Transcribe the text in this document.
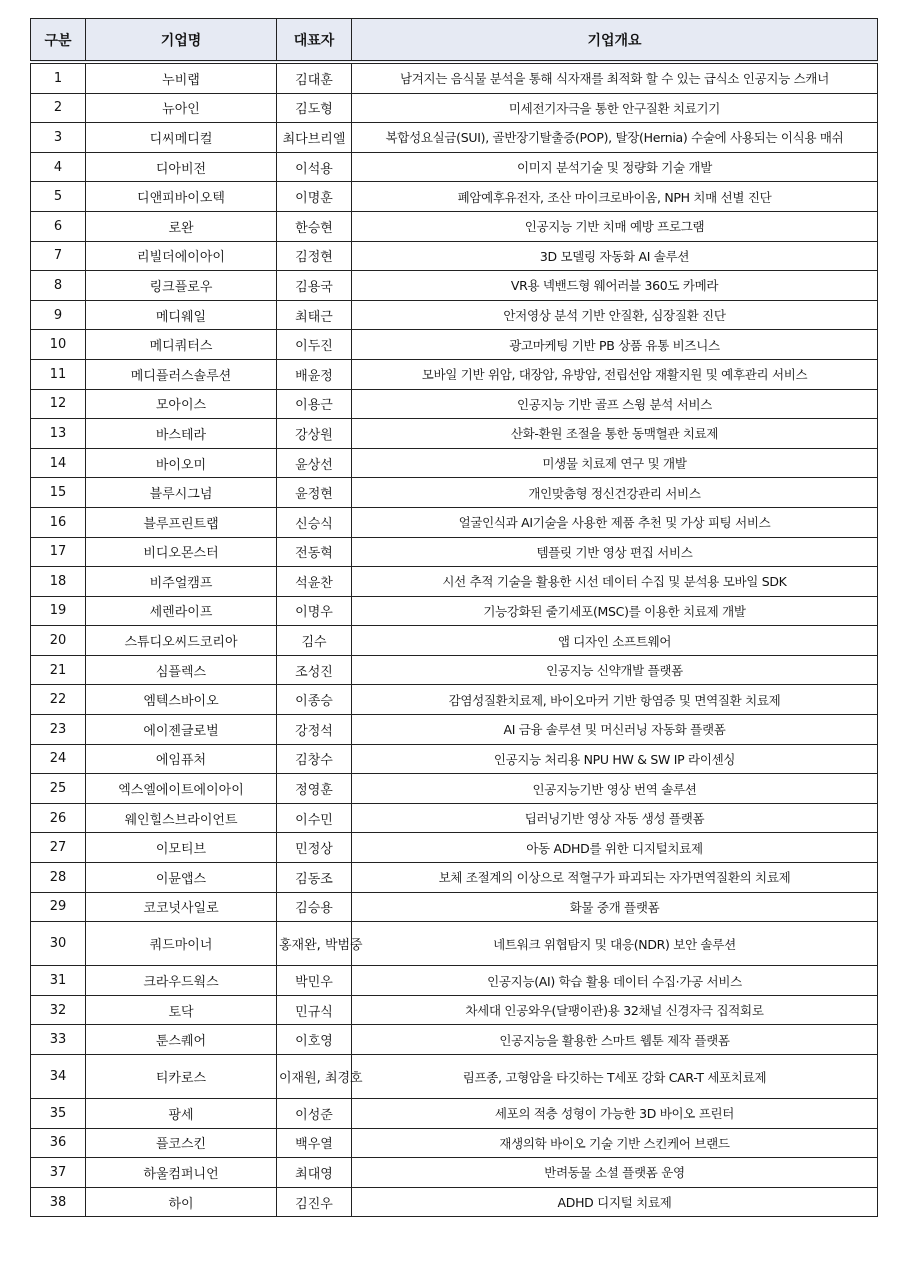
구분	기업명	대표자	기업개요
1	누비랩	김대훈	남겨지는 음식물 분석을 통해 식자재를 최적화 할 수 있는 급식소 인공지능 스캐너
2	뉴아인	김도형	미세전기자극을 통한 안구질환 치료기기
3	디씨메디컬	최다브리엘	복합성요실금(SUI), 골반장기탈출증(POP), 탈장(Hernia) 수술에 사용되는 이식용 매쉬
4	디아비전	이석용	이미지 분석기술 및 정량화 기술 개발
5	디앤피바이오텍	이명훈	폐암예후유전자, 조산 마이크로바이옴, NPH 치매 선별 진단
6	로완	한승현	인공지능 기반 치매 예방 프로그램
7	리빌더에이아이	김정현	3D 모델링 자동화 AI 솔루션
8	링크플로우	김용국	VR용 넥밴드형 웨어러블 360도 카메라
9	메디웨일	최태근	안저영상 분석 기반 안질환, 심장질환 진단
10	메디쿼터스	이두진	광고마케팅 기반 PB 상품 유통 비즈니스
11	메디플러스솔루션	배윤정	모바일 기반 위암, 대장암, 유방암, 전립선암 재활지원 및 예후관리 서비스
12	모아이스	이용근	인공지능 기반 골프 스윙 분석 서비스
13	바스테라	강상원	산화-환원 조절을 통한 동맥혈관 치료제
14	바이오미	윤상선	미생물 치료제 연구 및 개발
15	블루시그넘	윤정현	개인맞춤형 정신건강관리 서비스
16	블루프린트랩	신승식	얼굴인식과 AI기술을 사용한 제품 추천 및 가상 피팅 서비스
17	비디오몬스터	전동혁	템플릿 기반 영상 편집 서비스
18	비주얼캠프	석윤찬	시선 추적 기술을 활용한 시선 데이터 수집 및 분석용 모바일 SDK
19	세렌라이프	이명우	기능강화된 줄기세포(MSC)를 이용한 치료제 개발
20	스튜디오씨드코리아	김수	앱 디자인 소프트웨어
21	심플렉스	조성진	인공지능 신약개발 플랫폼
22	엠텍스바이오	이종승	감염성질환치료제, 바이오마커 기반 항염증 및 면역질환 치료제
23	에이젠글로벌	강정석	AI 금융 솔루션 및 머신러닝 자동화 플랫폼
24	에임퓨처	김창수	인공지능 처리용 NPU HW & SW IP 라이센싱
25	엑스엘에이트에이아이	정영훈	인공지능기반 영상 번역 솔루션
26	웨인힐스브라이언트	이수민	딥러닝기반 영상 자동 생성 플랫폼
27	이모티브	민정상	아동 ADHD를 위한 디지털치료제
28	이뮨앱스	김동조	보체 조절계의 이상으로 적혈구가 파괴되는 자가면역질환의 치료제
29	코코넛사일로	김승용	화물 중개 플랫폼
30	쿼드마이너	홍재완, 박범중	네트워크 위협탐지 및 대응(NDR) 보안 솔루션
31	크라우드웍스	박민우	인공지능(AI) 학습 활용 데이터 수집·가공 서비스
32	토닥	민규식	차세대 인공와우(달팽이관)용 32채널 신경자극 집적회로
33	툰스퀘어	이호영	인공지능을 활용한 스마트 웹툰 제작 플랫폼
34	티카로스	이재원, 최경호	림프종, 고형암을 타깃하는 T세포 강화 CAR-T 세포치료제
35	팡세	이성준	세포의 적층 성형이 가능한 3D 바이오 프린터
36	플코스킨	백우열	재생의학 바이오 기술 기반 스킨케어 브랜드
37	하울컴퍼니언	최대영	반려동물 소셜 플랫폼 운영
38	하이	김진우	ADHD 디지털 치료제
